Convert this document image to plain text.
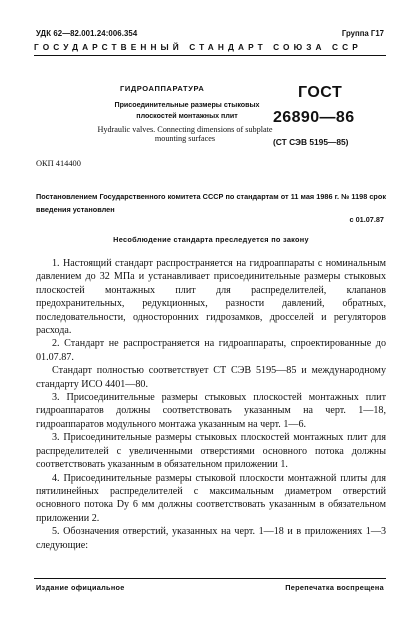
УДК 62—82.001.24:006.354	Группа Г17
ГОСУДАРСТВЕННЫЙ СТАНДАРТ СОЮЗА ССР
ГИДРОАППАРАТУРА
Присоединительные размеры стыковых плоскостей монтажных плит
Hydraulic valves. Connecting dimensions of subplate mounting surfaces
ГОСТ
26890—86
(СТ СЭВ 5195—85)
ОКП 414400
Постановлением Государственного комитета СССР по стандартам от 11 мая 1986 г. № 1198 срок введения установлен
с 01.07.87
Несоблюдение стандарта преследуется по закону

1. Настоящий стандарт распространяется на гидроаппараты с номинальным давлением до 32 МПа и устанавливает присоединительные размеры стыковых плоскостей монтажных плит для распределителей, клапанов предохранительных, редукционных, разности давлений, обратных, последовательности, односторонних гидрозамков, дросселей и регуляторов расхода.

2. Стандарт не распространяется на гидроаппараты, спроектированные до 01.07.87.

Стандарт полностью соответствует СТ СЭВ 5195—85 и международному стандарту ИСО 4401—80.

3. Присоединительные размеры стыковых плоскостей монтажных плит гидроаппаратов должны соответствовать указанным на черт. 1—18, гидроаппаратов модульного монтажа указанным на черт. 1—6.

3. Присоединительные размеры стыковых плоскостей монтажных плит для распределителей с увеличенными отверстиями основного потока должны соответствовать указанным в обязательном приложении 1.

4. Присоединительные размеры стыковой плоскости монтажной плиты для пятилинейных распределителей с максимальным диаметром отверстий основного потока Dу 6 мм должны соответствовать указанным в обязательном приложении 2.

5. Обозначения отверстий, указанных на черт. 1—18 и в приложениях 1—3 следующие:

Издание официальное	Перепечатка воспрещена
